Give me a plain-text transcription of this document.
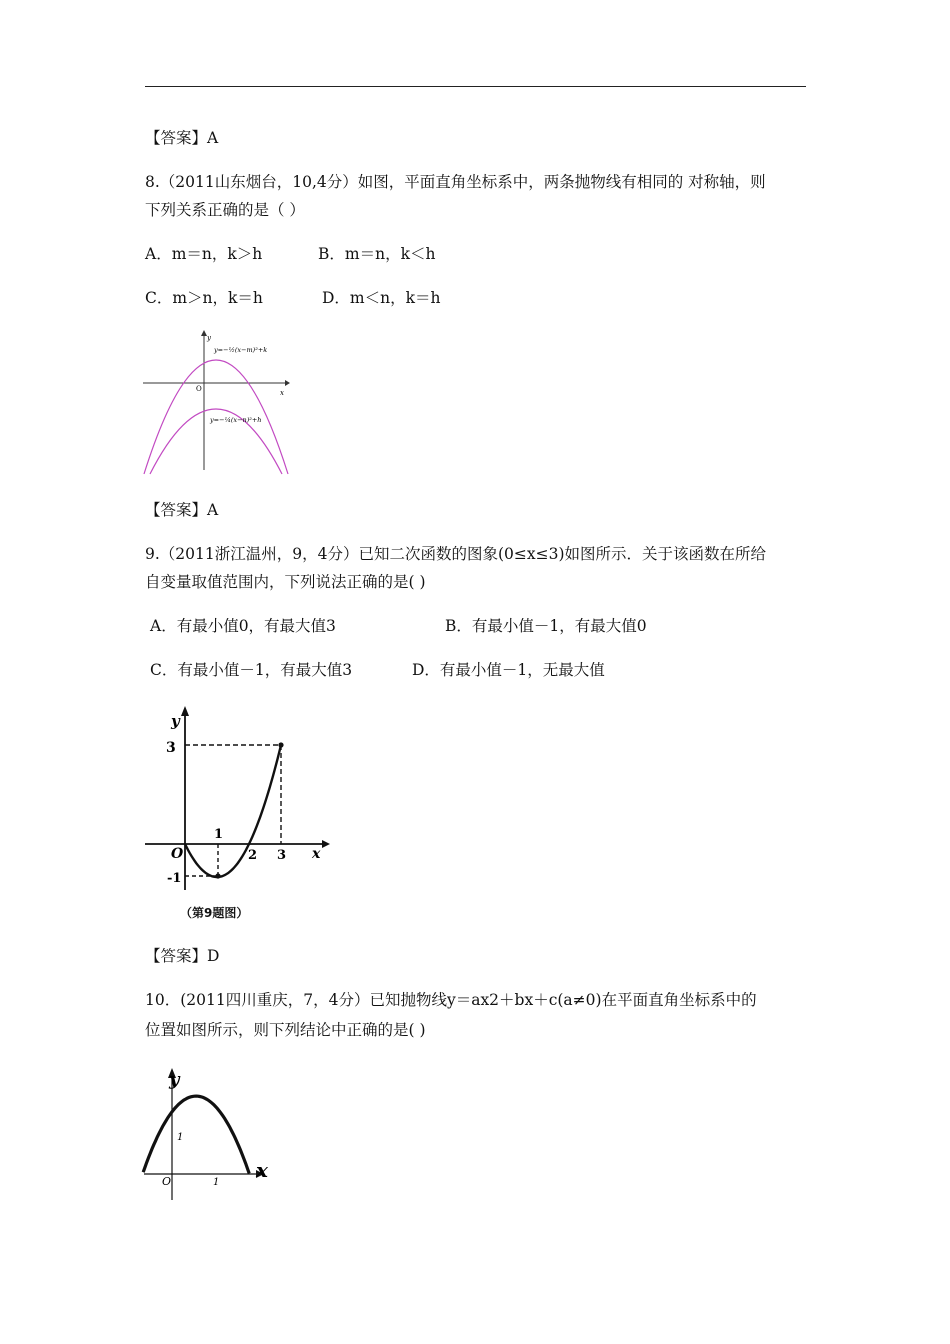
【答案】A
8.（2011山东烟台，10,4分）如图，平面直角坐标系中，两条抛物线有相同的 对称轴，则
下列关系正确的是（ ）
A．m＝n，k＞h	B．m＝n，k＜h
C．m＞n，k＝h	D．m＜n，k＝h
y
x
O
y=−½(x−m)²+k
y=−¼(x−n)²+h
【答案】A
9.（2011浙江温州，9，4分）已知二次函数的图象(0≤x≤3)如图所示．关于该函数在所给
自变量取值范围内，下列说法正确的是( )
A．有最小值0，有最大值3	B．有最小值－1，有最大值0
C．有最小值－1，有最大值3	D．有最小值－1，无最大值
y
x
O
3
-1
1
2 3
（第9题图）
【答案】D
10．(2011四川重庆，7，4分）已知抛物线y＝ax2＋bx＋c(a≠0)在平面直角坐标系中的
位置如图所示，则下列结论中正确的是( )
y
x
O
1
1
